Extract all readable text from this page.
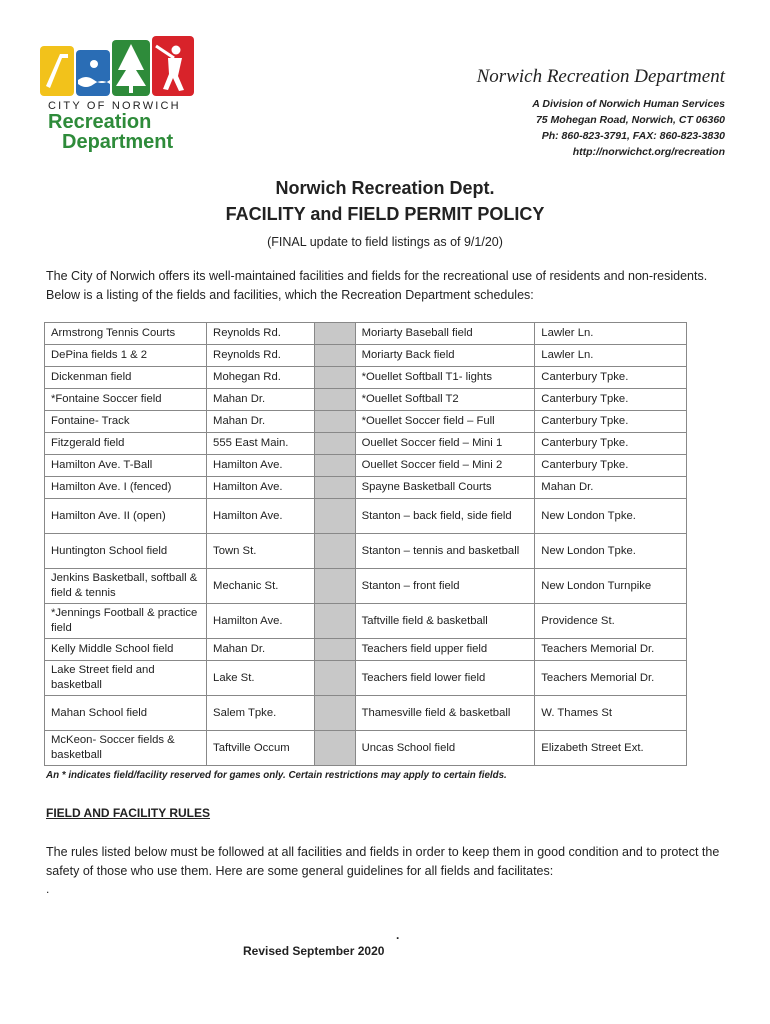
CITY OF NORWICH
Recreation
Department
Norwich Recreation Department
A Division of Norwich Human Services
75 Mohegan Road, Norwich, CT 06360
Ph: 860-823-3791, FAX: 860-823-3830
http://norwichct.org/recreation
Norwich Recreation Dept.
FACILITY and FIELD PERMIT POLICY
(FINAL update to field listings as of 9/1/20)
The City of Norwich offers its well-maintained facilities and fields for the recreational use of residents and non-residents. Below is a listing of the fields and facilities, which the Recreation Department schedules:
Armstrong Tennis Courts	Reynolds Rd.		Moriarty Baseball field	Lawler Ln.
DePina fields 1 & 2	Reynolds Rd.		Moriarty Back field	Lawler Ln.
Dickenman field	Mohegan Rd.		*Ouellet Softball T1- lights	Canterbury Tpke.
*Fontaine Soccer field	Mahan Dr.		*Ouellet Softball T2	Canterbury Tpke.
Fontaine- Track	Mahan Dr.		*Ouellet Soccer field – Full	Canterbury Tpke.
Fitzgerald field	555 East Main.		Ouellet Soccer field – Mini 1	Canterbury Tpke.
Hamilton Ave. T-Ball	Hamilton Ave.		Ouellet Soccer field – Mini 2	Canterbury Tpke.
Hamilton Ave. I (fenced)	Hamilton Ave.		Spayne Basketball Courts	Mahan Dr.
Hamilton Ave. II (open)	Hamilton Ave.		Stanton – back field, side field	New London Tpke.
Huntington School field	Town St.		Stanton – tennis and basketball	New London Tpke.
Jenkins Basketball, softball & field & tennis	Mechanic St.		Stanton – front field	New London Turnpike
*Jennings Football & practice field	Hamilton Ave.		Taftville field & basketball	Providence St.
Kelly Middle School field	Mahan Dr.		Teachers field upper field	Teachers Memorial Dr.
Lake Street field and basketball	Lake St.		Teachers field lower field	Teachers Memorial Dr.
Mahan School field	Salem Tpke.		Thamesville field & basketball	W. Thames St
McKeon- Soccer fields & basketball	Taftville Occum		Uncas School field	Elizabeth Street Ext.
An * indicates field/facility reserved for games only. Certain restrictions may apply to certain fields.
FIELD AND FACILITY RULES
The rules listed below must be followed at all facilities and fields in order to keep them in good condition and to protect the safety of those who use them. Here are some general guidelines for all fields and facilitates:
.
.
Revised September 2020
